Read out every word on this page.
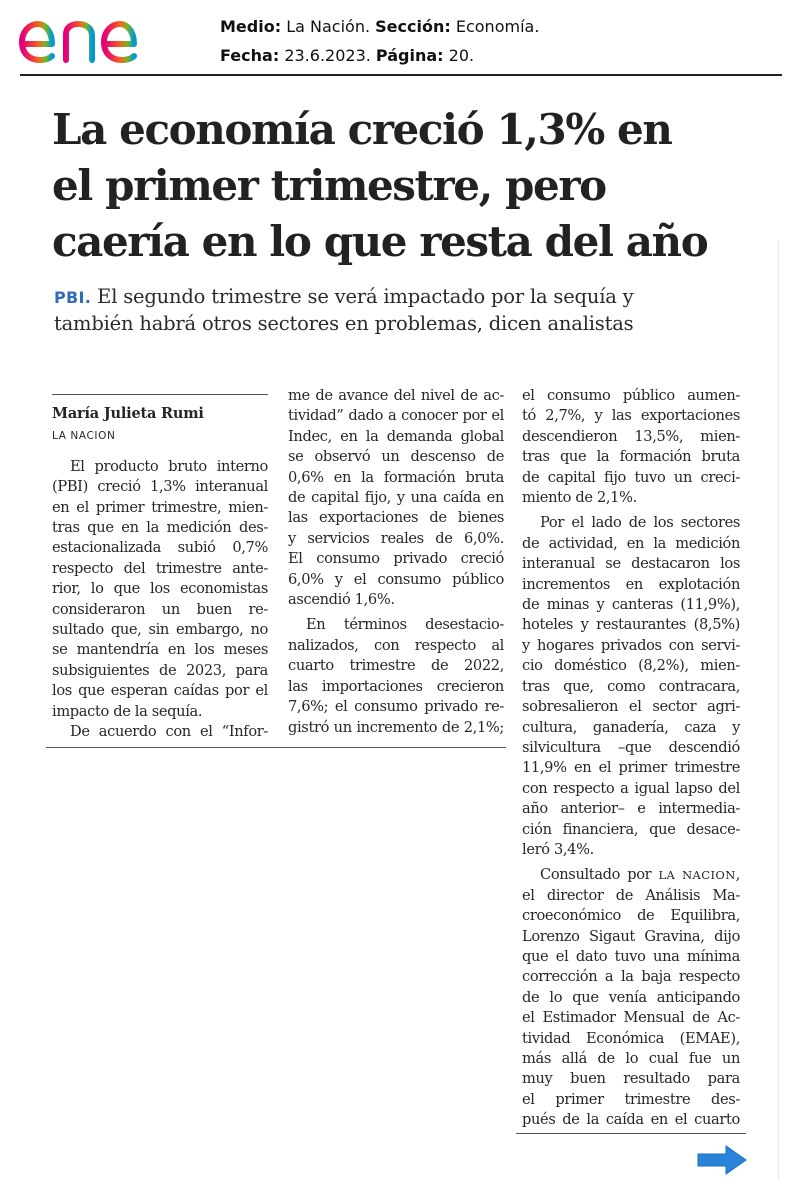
Medio: La Nación. Sección: Economía.
Fecha: 23.6.2023. Página: 20.
La economía creció 1,3% en
el primer trimestre, pero
caería en lo que resta del año
PBI. El segundo trimestre se verá impactado por la sequía y
también habrá otros sectores en problemas, dicen analistas
María Julieta Rumi
LA NACION
El producto bruto interno
(PBI) creció 1,3% interanual
en el primer trimestre, mien-
tras que en la medición des-
estacionalizada subió 0,7%
respecto del trimestre ante-
rior, lo que los economistas
consideraron un buen re-
sultado que, sin embargo, no
se mantendría en los meses
subsiguientes de 2023, para
los que esperan caídas por el
impacto de la sequía.
De acuerdo con el “Infor-
me de avance del nivel de ac-
tividad” dado a conocer por el
Indec, en la demanda global
se observó un descenso de
0,6% en la formación bruta
de capital fijo, y una caída en
las exportaciones de bienes
y servicios reales de 6,0%.
El consumo privado creció
6,0% y el consumo público
ascendió 1,6%.
En términos desestacio-
nalizados, con respecto al
cuarto trimestre de 2022,
las importaciones crecieron
7,6%; el consumo privado re-
gistró un incremento de 2,1%;
el consumo público aumen-
tó 2,7%, y las exportaciones
descendieron 13,5%, mien-
tras que la formación bruta
de capital fijo tuvo un creci-
miento de 2,1%.
Por el lado de los sectores
de actividad, en la medición
interanual se destacaron los
incrementos en explotación
de minas y canteras (11,9%),
hoteles y restaurantes (8,5%)
y hogares privados con servi-
cio doméstico (8,2%), mien-
tras que, como contracara,
sobresalieron el sector agri-
cultura, ganadería, caza y
silvicultura –que descendió
11,9% en el primer trimestre
con respecto a igual lapso del
año anterior– e intermedia-
ción financiera, que desace-
leró 3,4%.
Consultado por LA NACION,
el director de Análisis Ma-
croeconómico de Equilibra,
Lorenzo Sigaut Gravina, dijo
que el dato tuvo una mínima
corrección a la baja respecto
de lo que venía anticipando
el Estimador Mensual de Ac-
tividad Económica (EMAE),
más allá de lo cual fue un
muy buen resultado para
el primer trimestre des-
pués de la caída en el cuarto
